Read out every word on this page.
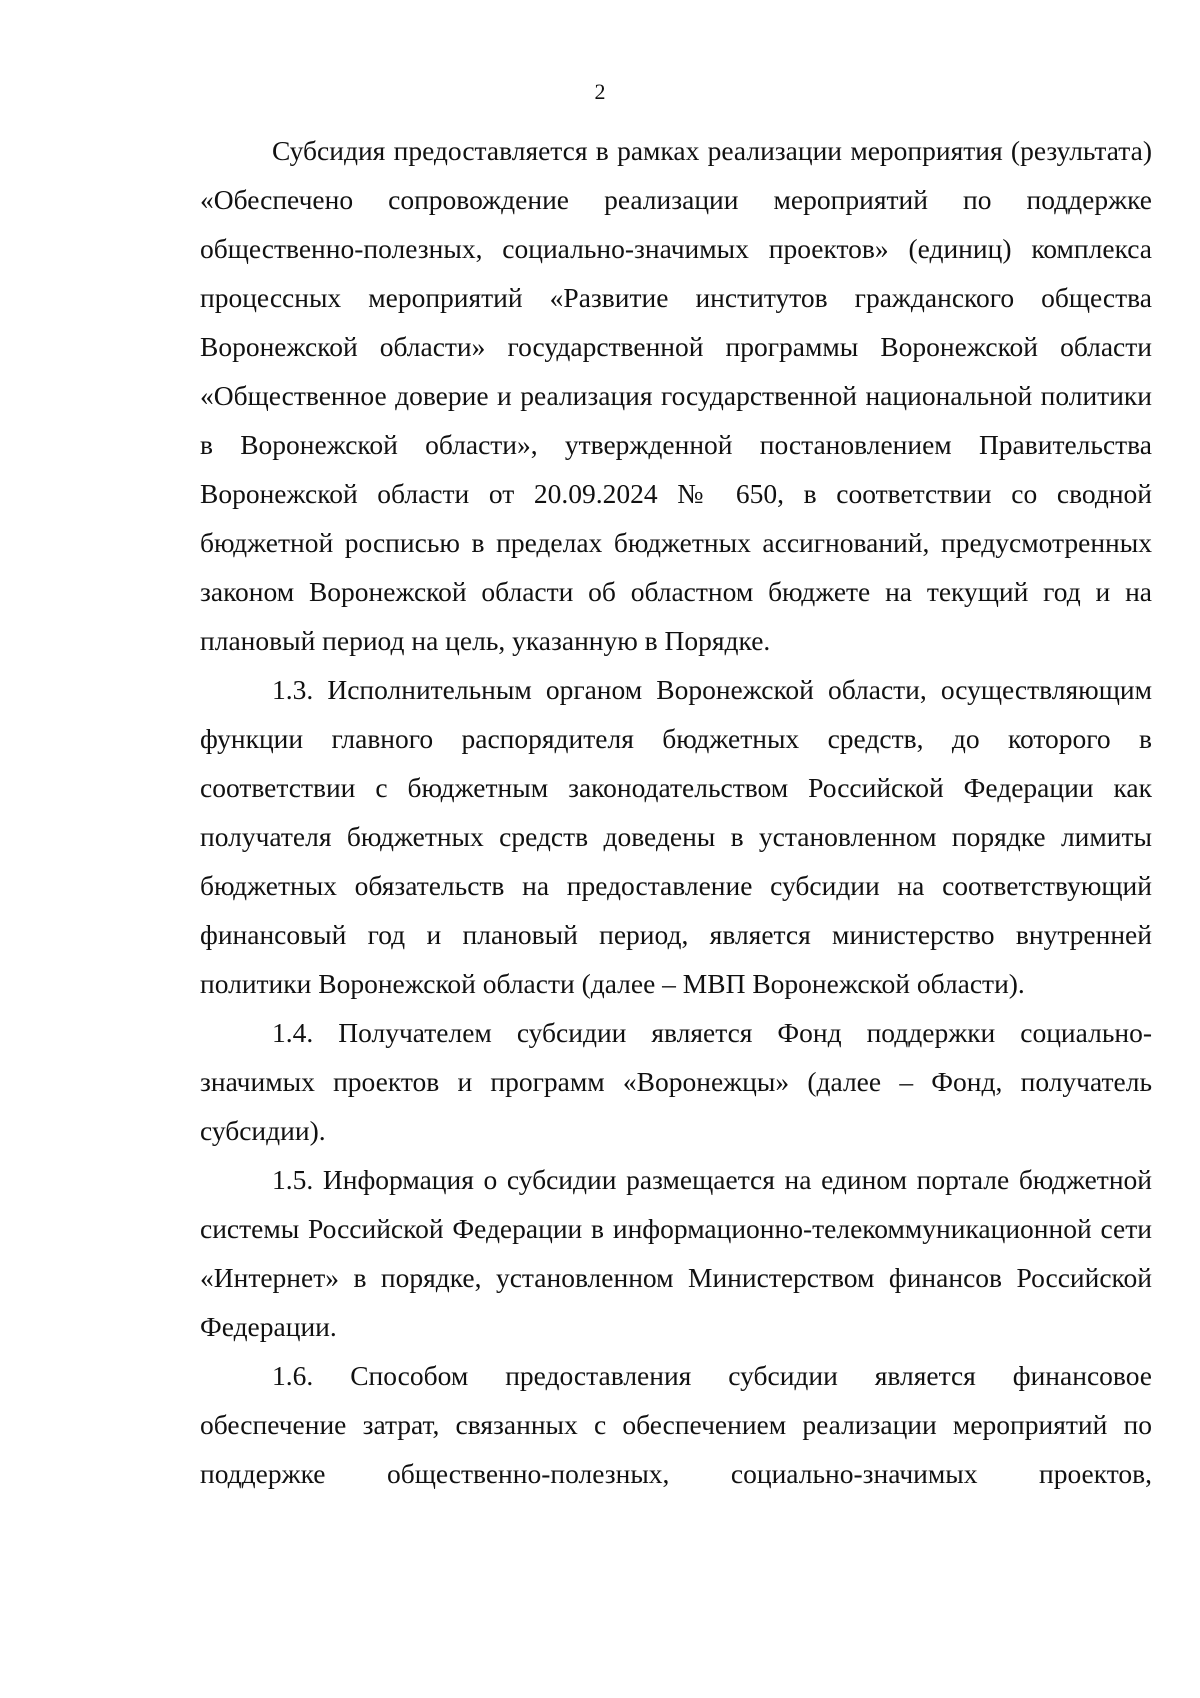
2

Субсидия предоставляется в рамках реализации мероприятия (результата) «Обеспечено сопровождение реализации мероприятий по поддержке общественно-полезных, социально-значимых проектов» (единиц) комплекса процессных мероприятий «Развитие институтов гражданского общества Воронежской области» государственной программы Воронежской области «Общественное доверие и реализация государственной национальной политики в Воронежской области», утвержденной постановлением Правительства Воронежской области от 20.09.2024 № 650, в соответствии со сводной бюджетной росписью в пределах бюджетных ассигнований, предусмотренных законом Воронежской области об областном бюджете на текущий год и на плановый период на цель, указанную в Порядке.

1.3. Исполнительным органом Воронежской области, осуществляющим функции главного распорядителя бюджетных средств, до которого в соответствии с бюджетным законодательством Российской Федерации как получателя бюджетных средств доведены в установленном порядке лимиты бюджетных обязательств на предоставление субсидии на соответствующий финансовый год и плановый период, является министерство внутренней политики Воронежской области (далее – МВП Воронежской области).

1.4. Получателем субсидии является Фонд поддержки социально-значимых проектов и программ «Воронежцы» (далее – Фонд, получатель субсидии).

1.5. Информация о субсидии размещается на едином портале бюджетной системы Российской Федерации в информационно-телекоммуникационной сети «Интернет» в порядке, установленном Министерством финансов Российской Федерации.

1.6. Способом предоставления субсидии является финансовое обеспечение затрат, связанных с обеспечением реализации мероприятий по поддержке общественно-полезных, социально-значимых проектов,
